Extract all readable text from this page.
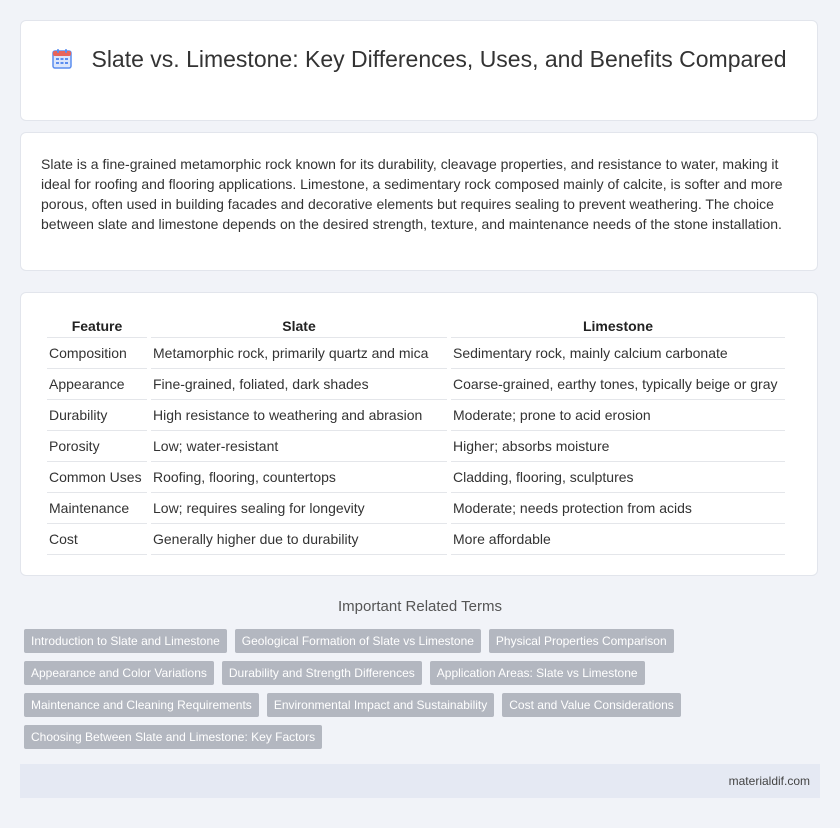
Slate vs. Limestone: Key Differences, Uses, and Benefits Compared

Slate is a fine-grained metamorphic rock known for its durability, cleavage properties, and resistance to water, making it ideal for roofing and flooring applications. Limestone, a sedimentary rock composed mainly of calcite, is softer and more porous, often used in building facades and decorative elements but requires sealing to prevent weathering. The choice between slate and limestone depends on the desired strength, texture, and maintenance needs of the stone installation.

Feature	Slate	Limestone
Composition	Metamorphic rock, primarily quartz and mica	Sedimentary rock, mainly calcium carbonate
Appearance	Fine-grained, foliated, dark shades	Coarse-grained, earthy tones, typically beige or gray
Durability	High resistance to weathering and abrasion	Moderate; prone to acid erosion
Porosity	Low; water-resistant	Higher; absorbs moisture
Common Uses	Roofing, flooring, countertops	Cladding, flooring, sculptures
Maintenance	Low; requires sealing for longevity	Moderate; needs protection from acids
Cost	Generally higher due to durability	More affordable
Important Related Terms
Introduction to Slate and Limestone	Geological Formation of Slate vs Limestone	Physical Properties Comparison
Appearance and Color Variations	Durability and Strength Differences	Application Areas: Slate vs Limestone
Maintenance and Cleaning Requirements	Environmental Impact and Sustainability	Cost and Value Considerations
Choosing Between Slate and Limestone: Key Factors
materialdif.com
